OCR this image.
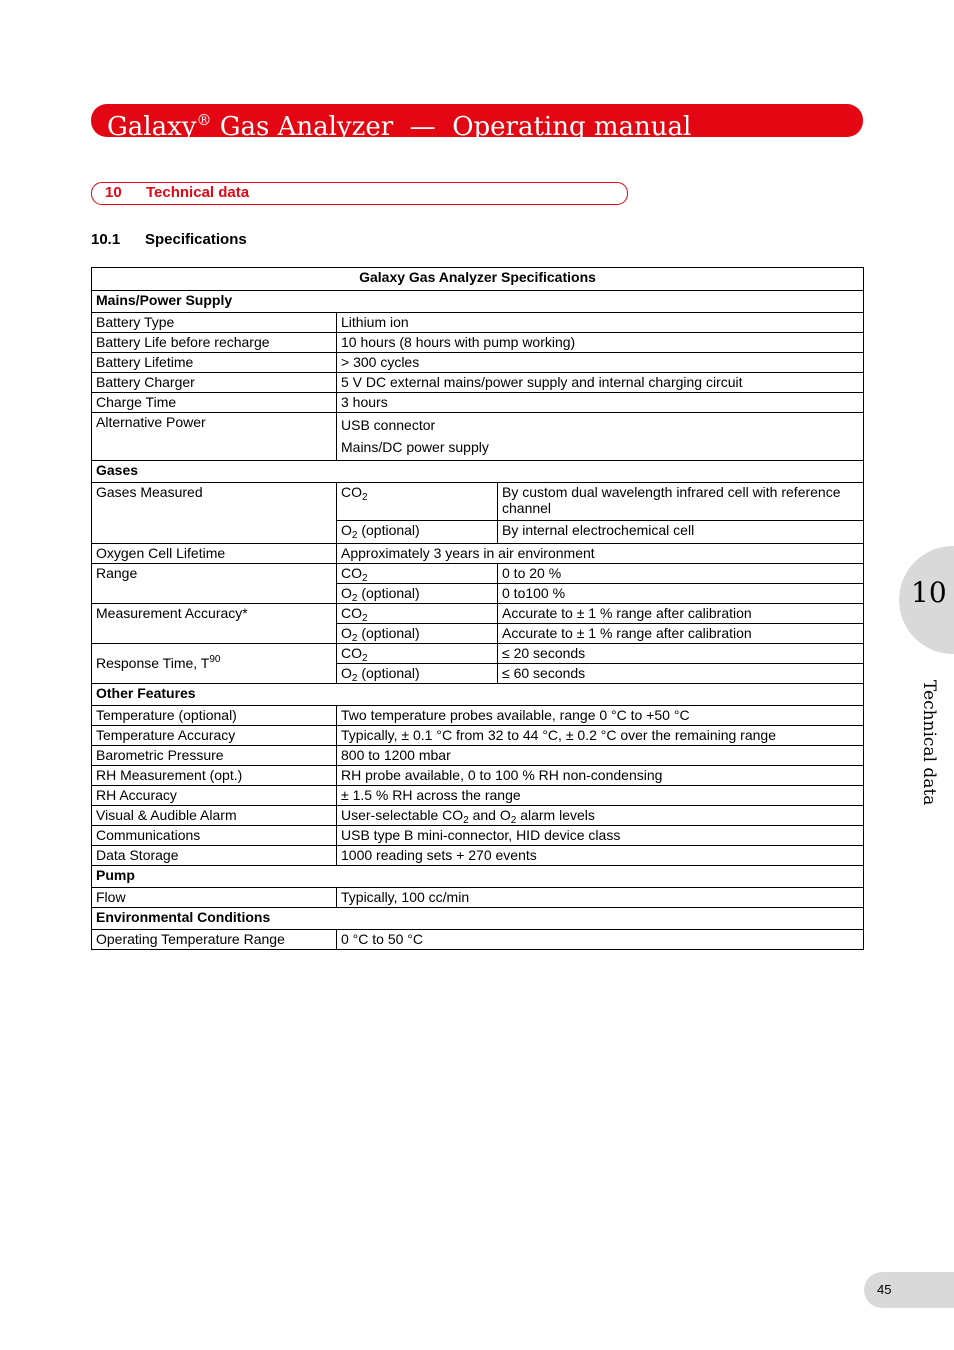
Galaxy® Gas Analyzer  —  Operating manual
10 Technical data
10.1 Specifications
Galaxy Gas Analyzer Specifications		
Mains/Power Supply		
Battery Type	Lithium ion	
Battery Life before recharge	10 hours (8 hours with pump working)	
Battery Lifetime	> 300 cycles	
Battery Charger	5 V DC external mains/power supply and internal charging circuit	
Charge Time	3 hours	
Alternative Power	USB connector
Mains/DC power supply	

Gases		
Gases Measured	$CO_2$	By custom dual wavelength infrared cell with reference channel
	$O_2$ (optional)	By internal electrochemical cell
Oxygen Cell Lifetime	Approximately 3 years in air environment	
Range	$CO_2$	0 to 20 %
	$O_2$ (optional)	0 to100 %
Measurement Accuracy*	$CO_2$	Accurate to ± 1 % range after calibration
	$O_2$ (optional)	Accurate to ± 1 % range after calibration
Response Time, $T^{90}$	$CO_2$	≤ 20 seconds
	$O_2$ (optional)	≤ 60 seconds
Other Features		
Temperature (optional)	Two temperature probes available, range 0 °C to +50 °C	
Temperature Accuracy	Typically, ± 0.1 °C from 32 to 44 °C, ± 0.2 °C over the remaining range	
Barometric Pressure	800 to 1200 mbar	
RH Measurement (opt.)	RH probe available, 0 to 100 % RH non-condensing	
RH Accuracy	± 1.5 % RH across the range	
Visual & Audible Alarm	User-selectable $CO_2$ and $O_2$ alarm levels	
Communications	USB type B mini-connector, HID device class	
Data Storage	1000 reading sets + 270 events	
Pump		
Flow	Typically, 100 cc/min	
Environmental Conditions		
Operating Temperature Range	0 °C to 50 °C	
10
Technical data
45
